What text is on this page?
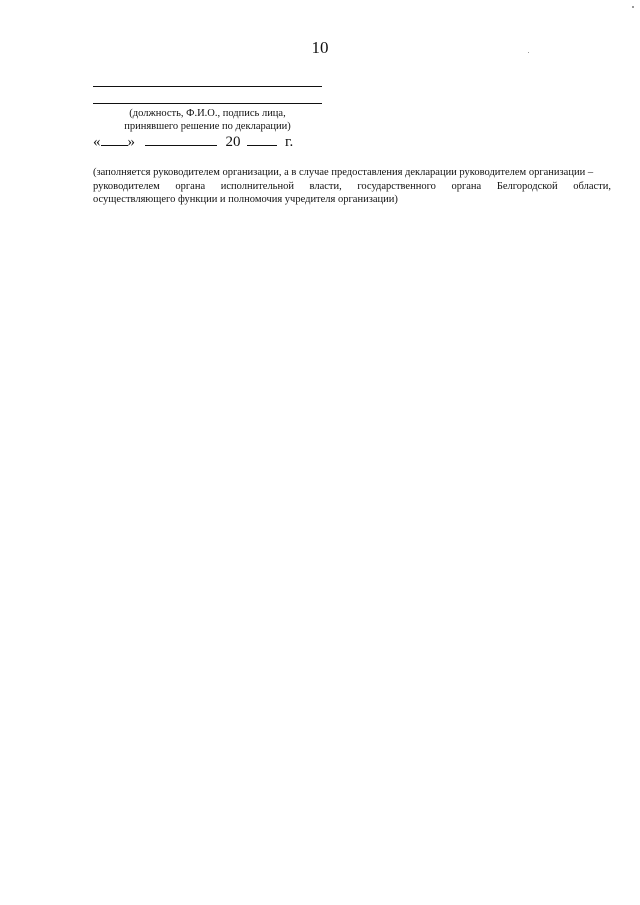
10
(должность, Ф.И.О., подпись лица,
принявшего решение по декларации)
« »	20	г.
(заполняется руководителем организации, а в случае предоставления декларации руководителем организации –
руководителем органа исполнительной власти, государственного органа Белгородской области,
осуществляющего функции и полномочия учредителя организации)
